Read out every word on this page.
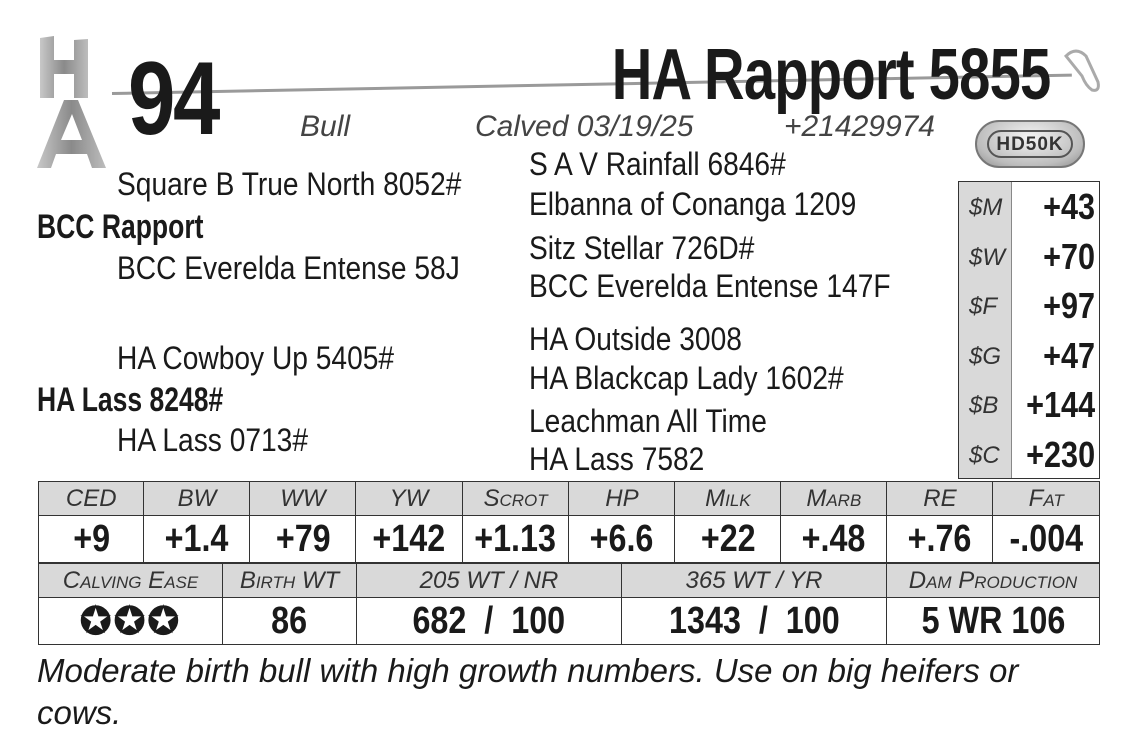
94	HA Rapport 5855
Bull	Calved 03/19/25	+21429974
HD50K
Square B True North 8052#
BCC Rapport
BCC Everelda Entense 58J
S A V Rainfall 6846#
Elbanna of Conanga 1209
Sitz Stellar 726D#
BCC Everelda Entense 147F
HA Cowboy Up 5405#
HA Lass 8248#
HA Lass 0713#
HA Outside 3008
HA Blackcap Lady 1602#
Leachman All Time
HA Lass 7582
$M +43
$W +70
$F +97
$G +47
$B +144
$C +230
CED	BW	WW	YW	Scrot	HP	Milk	Marb	RE	Fat
+9	+1.4	+79	+142	+1.13	+6.6	+22	+.48	+.76	-.004
Calving Ease	Birth WT	205 WT / NR	365 WT / YR	Dam Production
✪✪✪	86	682  /  100	1343  /  100	5 WR 106
Moderate birth bull with high growth numbers. Use on big heifers or cows.
